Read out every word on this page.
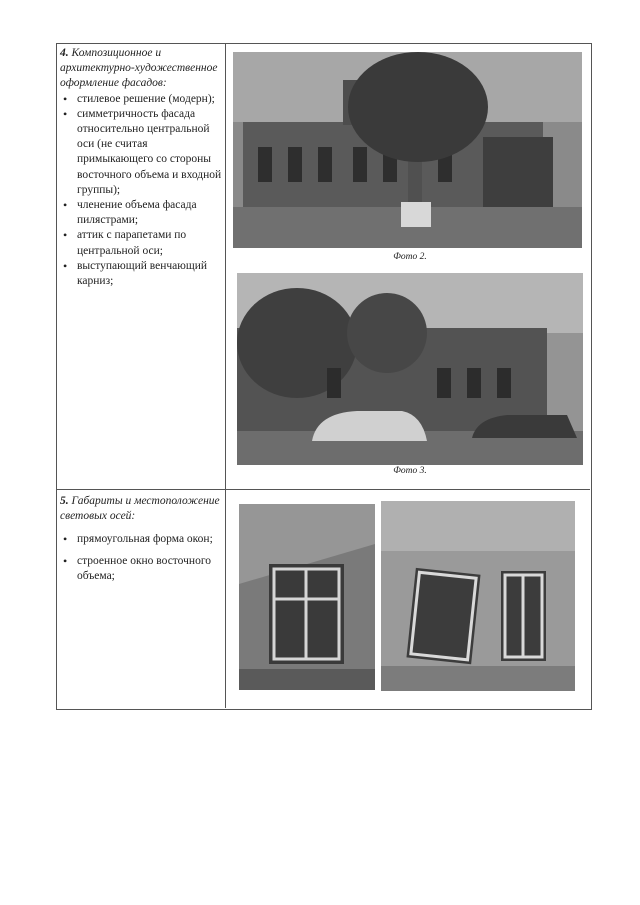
4. Композиционное и архитектурно-художественное оформление фасадов:
• стилевое решение (модерн);
• симметричность фасада относительно центральной оси (не считая примыкающего со стороны восточного объема и входной группы);
• членение объема фасада пилястрами;
• аттик с парапетами по центральной оси;
• выступающий венчающий карниз;
Фото 2.
Фото 3.
5. Габариты и местоположение световых осей:
• прямоугольная форма окон;
• строенное окно восточного объема;
